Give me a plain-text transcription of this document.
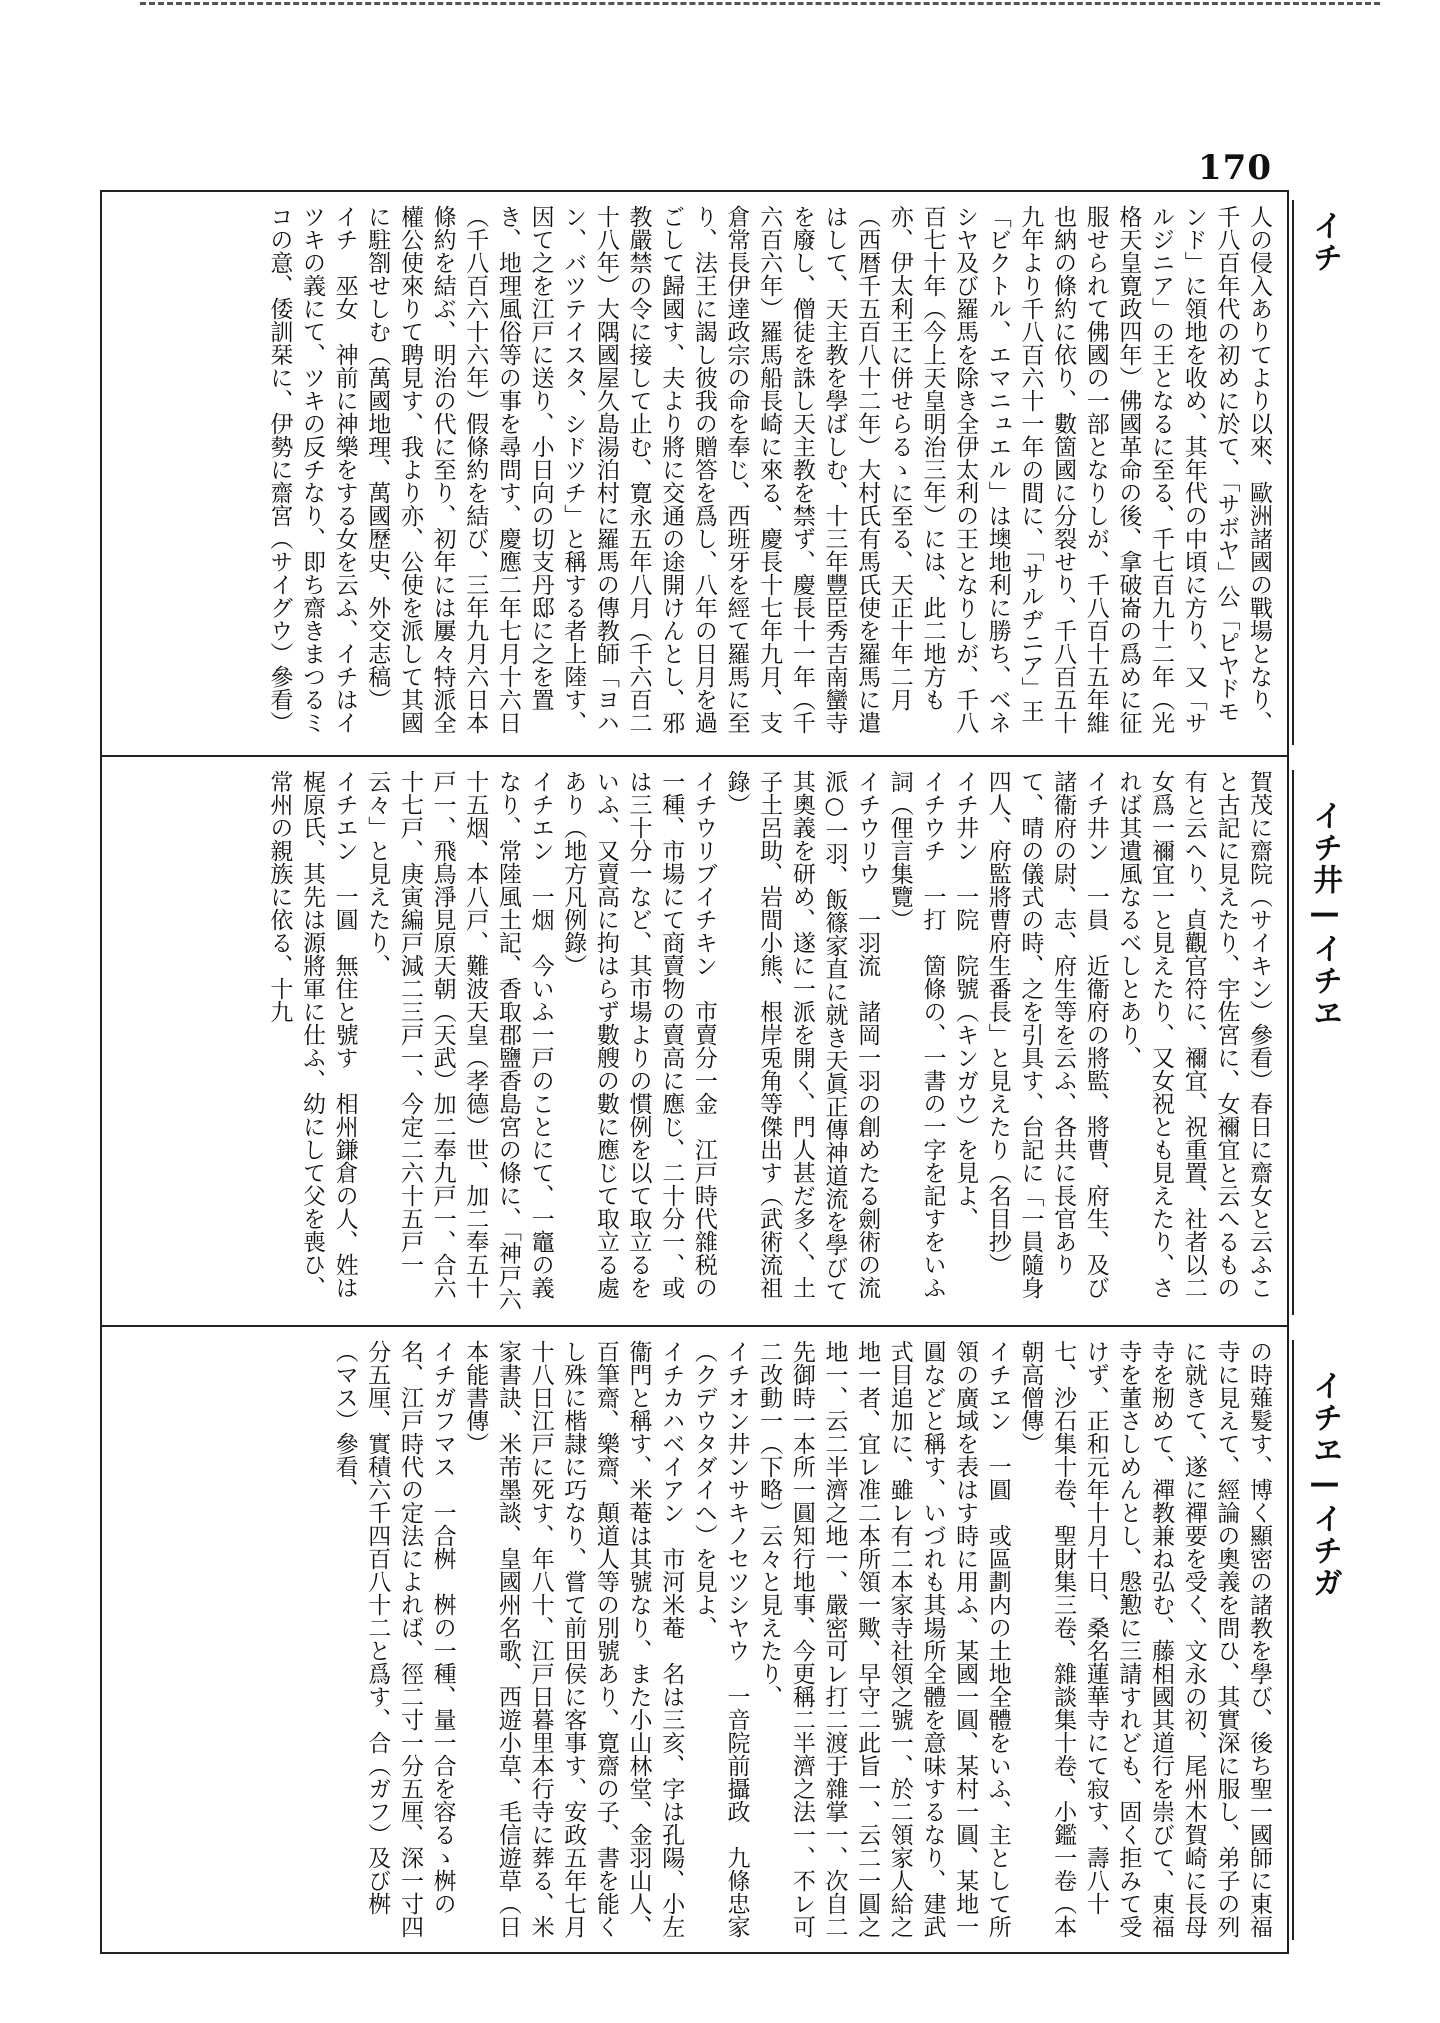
170
イチ
イチ井—イチヱ
イチヱ—イチガ

人の侵入ありてより以來、歐洲諸國の戰場となり、千八百年代の初めに於て、「サボヤ」公「ピヤドモンド」に領地を收め、其年代の中頃に方り、又「サルジニア」の王となるに至る、千七百九十二年（光格天皇寛政四年）佛國革命の後、拿破崙の爲めに征服せられて佛國の一部となりしが、千八百十五年維也納の條約に依り、數箇國に分裂せり、千八百五十九年より千八百六十一年の間に、「サルヂニア」王「ビクトル、エマニュエル」は墺地利に勝ち、ベネシヤ及び羅馬を除き全伊太利の王となりしが、千八百七十年（今上天皇明治三年）には、此二地方も亦、伊太利王に併せらるゝに至る、天正十年二月（西暦千五百八十二年）大村氏有馬氏使を羅馬に遣はして、天主教を學ばしむ、十三年豐臣秀吉南蠻寺を廢し、僧徒を誅し天主教を禁ず、慶長十一年（千六百六年）羅馬船長崎に來る、慶長十七年九月、支倉常長伊達政宗の命を奉じ、西班牙を經て羅馬に至り、法王に謁し彼我の贈答を爲し、八年の日月を過ごして歸國す、夫より將に交通の途開けんとし、邪教嚴禁の令に接して止む、寛永五年八月（千六百二十八年）大隅國屋久島湯泊村に羅馬の傳教師「ヨハン、バツテイスタ、シドツチ」と稱する者上陸す、因て之を江戸に送り、小日向の切支丹邸に之を置き、地理風俗等の事を尋問す、慶應二年七月十六日（千八百六十六年）假條約を結び、三年九月六日本條約を結ぶ、明治の代に至り、初年には屢々特派全權公使來りて聘見す、我より亦、公使を派して其國に駐劄せしむ（萬國地理、萬國歷史、外交志稿）

イチ　巫女　神前に神樂をする女を云ふ、イチはイツキの義にて、ツキの反チなり、即ち齋きまつるミコの意、倭訓栞に、伊勢に齋宮（サイグウ）參看）

賀茂に齋院（サイキン）參看）春日に齋女と云ふこと古記に見えたり、宇佐宮に、女禰宜と云へるもの有と云へり、貞觀官符に、禰宜、祝重置、社者以二女爲一禰宜一と見えたり、又女祝とも見えたり、されば其遺風なるべしとあり、

イチ井ン　一員　近衞府の將監、將曹、府生、及び諸衞府の尉、志、府生等を云ふ、各共に長官ありて、晴の儀式の時、之を引具す、台記に「一員隨身四人、府監將曹府生番長」と見えたり（名目抄）

イチ井ン　一院　院號（キンガウ）を見よ、

イチウチ　一打　箇條の、一書の一字を記すをいふ詞（俚言集覽）

イチウリウ　一羽流　諸岡一羽の創めたる劍術の流派○一羽、飯篠家直に就き天眞正傳神道流を學びて其奧義を研め、遂に一派を開く、門人甚だ多く、土子土呂助、岩間小熊、根岸兎角等傑出す（武術流祖錄）

イチウリブイチキン　市賣分一金　江戸時代雜税の一種、市場にて商賣物の賣高に應じ、二十分一、或は三十分一など、其市場よりの慣例を以て取立るをいふ、又賣高に拘はらず數艘の數に應じて取立る處あり（地方凡例錄）

イチエン　一烟　今いふ一戸のことにて、一竈の義なり、常陸風土記、香取郡鹽香島宮の條に、「神戸六十五烟、本八戸、難波天皇（孝德）世、加二奉五十戸一、飛鳥淨見原天朝（天武）加二奉九戸一、合六十七戸、庚寅編戸減二三戸一、今定二六十五戸一云々」と見えたり、

イチエン　一圓　無住と號す　相州鎌倉の人、姓は梶原氏、其先は源將軍に仕ふ、幼にして父を喪ひ、常州の親族に依る、十九

の時薙髮す、博く顯密の諸教を學び、後ち聖一國師に東福寺に見えて、經論の奧義を問ひ、其實深に服し、弟子の列に就きて、遂に禪要を受く、文永の初、尾州木賀崎に長母寺を剏めて、禪教兼ね弘む、藤相國其道行を崇びて、東福寺を董さしめんとし、慇懃に三請すれども、固く拒みて受けず、正和元年十月十日、桑名蓮華寺にて寂す、壽八十七、沙石集十卷、聖財集三卷、雜談集十卷、小鑑一卷（本朝高僧傳）

イチヱン　一圓　或區劃内の土地全體をいふ、主として所領の廣域を表はす時に用ふ、某國一圓、某村一圓、某地一圓などと稱す、いづれも其場所全體を意味するなり、建武式目追加に、雖レ有二本家寺社領之號一、於二領家人給之地一者、宜レ准二本所領一歟、早守二此旨一、云二一圓之地一、云二半濟之地一、嚴密可レ打二渡于雜掌一、次自二先御時一本所一圓知行地事、今更稱二半濟之法一、不レ可二改動一（下略）云々と見えたり、

イチオン井ンサキノセツシヤウ　一音院前攝政　九條忠家（クデウタダイヘ）を見よ、

イチカハベイアン　市河米菴　名は三亥、字は孔陽、小左衞門と稱す、米菴は其號なり、また小山林堂、金羽山人、百筆齋、樂齋、顛道人等の別號あり、寛齋の子、書を能くし殊に楷隷に巧なり、嘗て前田侯に客事す、安政五年七月十八日江戸に死す、年八十、江戸日暮里本行寺に葬る、米家書訣、米芾墨談、皇國州名歌、西遊小草、毛信遊草（日本能書傳）

イチガフマス　一合桝　桝の一種、量一合を容るゝ桝の名、江戸時代の定法によれば、徑二寸一分五厘、深一寸四分五厘、實積六千四百八十二と爲す、合（ガフ）及び桝（マス）參看、
